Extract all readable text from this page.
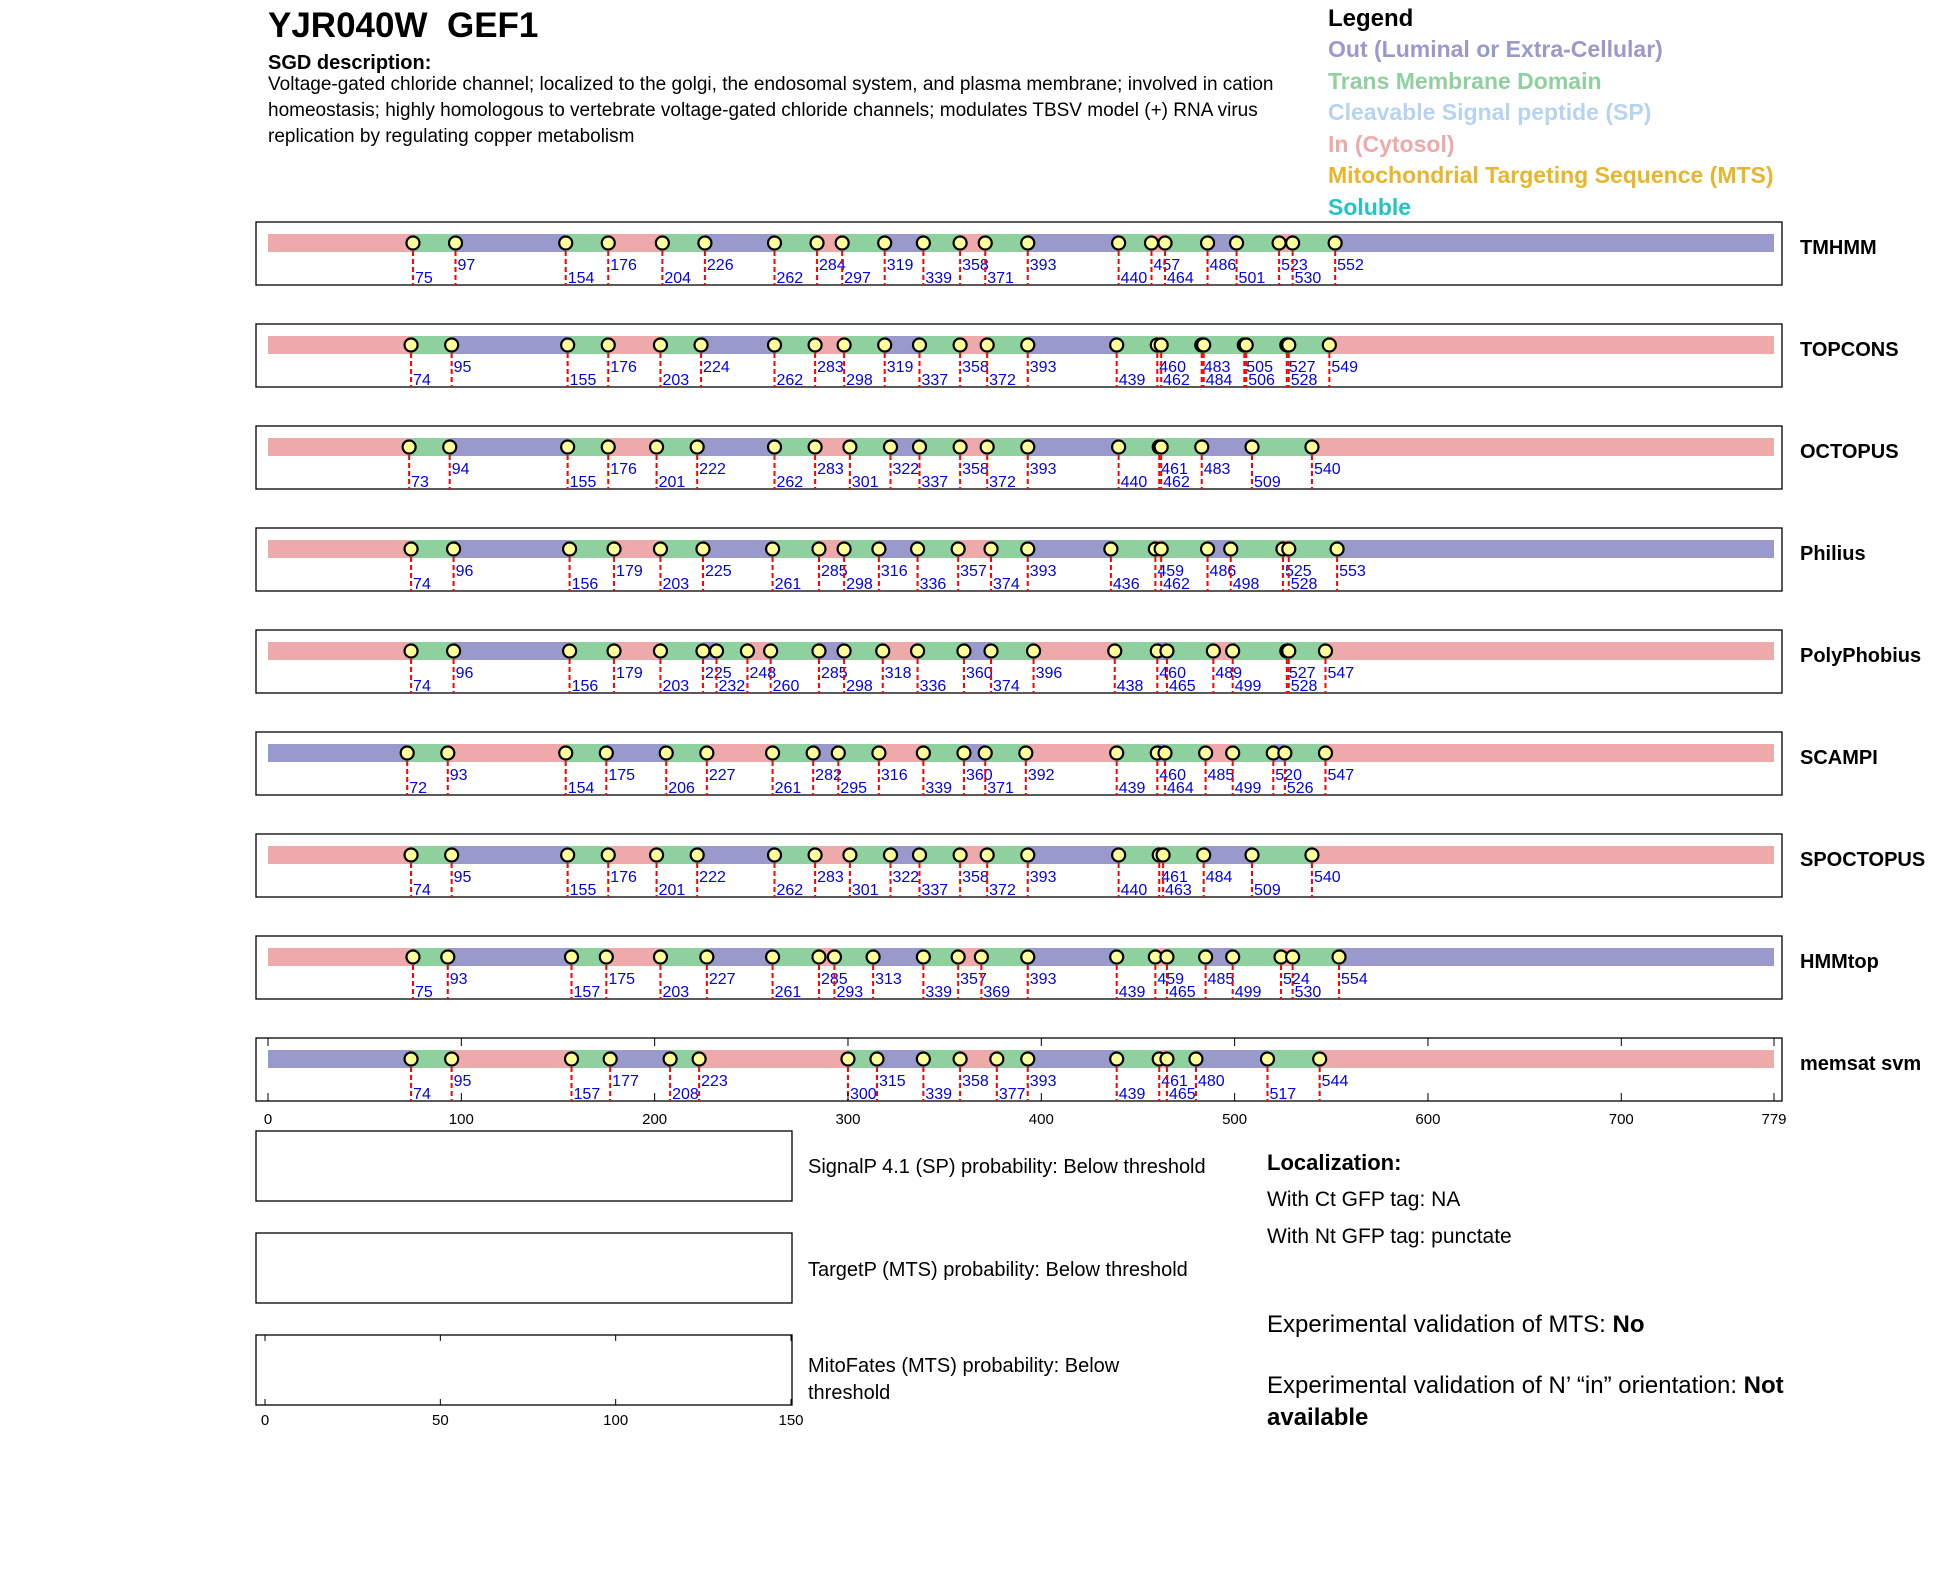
YJR040W GEF1
SGD description:
Voltage-gated chloride channel; localized to the golgi, the endosomal system, and plasma membrane; involved in cation homeostasis; highly homologous to vertebrate voltage-gated chloride channels; modulates TBSV model (+) RNA virus replication by regulating copper metabolism
Legend
Out (Luminal or Extra-Cellular)
Trans Membrane Domain
Cleavable Signal peptide (SP)
In (Cytosol)
Mitochondrial Targeting Sequence (MTS)
Soluble
75
97
154
176
204
226
262
284
297
319
339
358
371
393
440
457
464
486
501
523
530
552
TMHMM
74
95
155
176
203
224
262
283
298
319
337
358
372
393
439
460
462
483
484
505
506
527
528
549
TOPCONS
73
94
155
176
201
222
262
283
301
322
337
358
372
393
440
461
462
483
509
540
OCTOPUS
74
96
156
179
203
225
261
285
298
316
336
357
374
393
436
459
462
486
498
525
528
553
Philius
74
96
156
179
203
225
232
248
260
285
298
318
336
360
374
396
438
460
465
489
499
527
528
547
PolyPhobius
72
93
154
175
206
227
261
282
295
316
339
360
371
392
439
460
464
485
499
520
526
547
SCAMPI
74
95
155
176
201
222
262
283
301
322
337
358
372
393
440
461
463
484
509
540
SPOCTOPUS
75
93
157
175
203
227
261
285
293
313
339
357
369
393
439
459
465
485
499
524
530
554
HMMtop
74
95
157
177
208
223
300
315
339
358
377
393
439
461
465
480
517
544
memsat svm
0	100	200	300	400	500	600	700	779
0	50	100	150
SignalP 4.1 (SP) probability: Below threshold
TargetP (MTS) probability: Below threshold
MitoFates (MTS) probability: Below
threshold
Localization:
With Ct GFP tag: NA
With Nt GFP tag: punctate
Experimental validation of MTS: No
Experimental validation of N’ “in” orientation: Not
available
